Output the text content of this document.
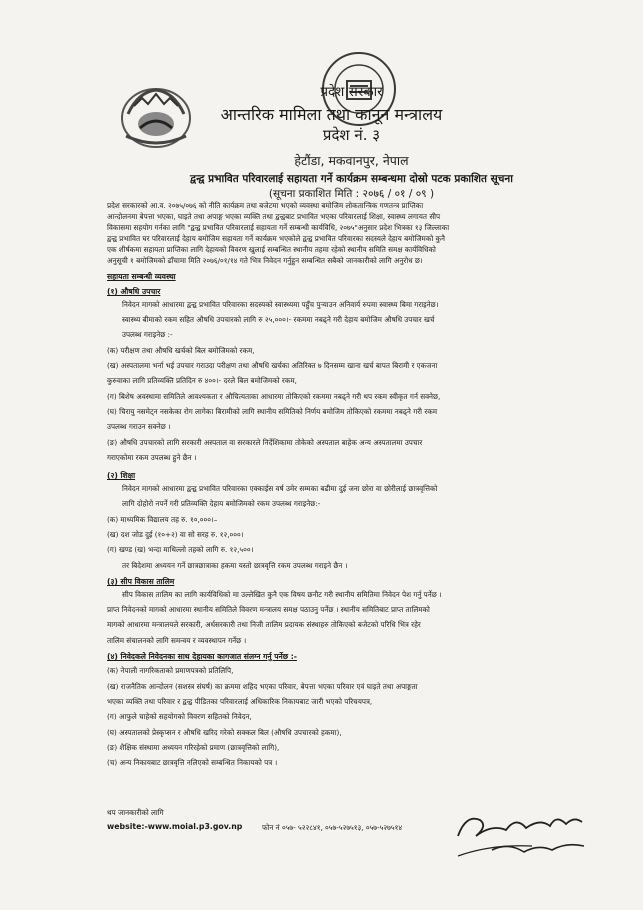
प्रदेश सरकार
आन्तरिक मामिला तथा कानून मन्त्रालय
प्रदेश नं. ३
हेटौंडा, मकवानपुर, नेपाल
द्वन्द्व प्रभावित परिवारलाई सहायता गर्ने कार्यक्रम सम्बन्धमा दोस्रो पटक प्रकाशित सूचना
(सूचना प्रकाशित मिति : २०७६ / ०१ / ०९ )
प्रदेश सरकारको आ.व. २०७५/०७६ को नीति कार्यक्रम तथा बजेटमा भएको व्यवस्था बमोजिम लोकतान्त्रिक गणतन्त्र प्राप्तिका
आन्दोलनमा बेपत्ता भएका, घाइते तथा अपाङ्ग भएका व्यक्ति तथा द्वन्द्वबाट प्रभावित भएका परिवारलाई शिक्षा, स्वास्थ्य लगायत सीप
विकासमा सहयोग गर्नका लागि "द्वन्द्व प्रभावित परिवारलाई सहायता गर्ने सम्बन्धी कार्यविधि, २०७५"अनुसार प्रदेश भित्रका १३ जिल्लाका
द्वन्द्व प्रभावित घर परिवारलाई देहाय बमोजिम सहायता गर्ने कार्यक्रम भएकोले द्वन्द्व प्रभावित परिवारका सदस्यले देहाय बमोजिमको कुनै
एक शीर्षकमा सहायता प्राप्तिका लागि देहायको विवरण खुलाई सम्बन्धित स्थानीय तहमा रहेको स्थानीय समिति समक्ष कार्यविधिको
अनुसूची १ बमोजिमको ढाँचामा मिति २०७६/०१/१४ गते भित्र निवेदन गर्नुहुन सम्बन्धित सबैको जानकारीको लागि अनुरोध छ।
सहायता सम्बन्धी व्यवस्था
(१) औषधि उपचार
निवेदन मागको आधारमा द्वन्द्व प्रभावित परिवारका सदस्यको स्वास्थ्यमा पहुँच पुऱ्याउन अनिवार्य रुपमा स्वास्थ्य बिमा गराइनेछ।
स्वास्थ्य बीमाको रकम सहित औषधि उपचारको लागि रु २५,०००।- रकममा नबढ्ने गरी देहाय बमोजिम औषधि उपचार खर्च
उपलब्ध गराइनेछ :-
(क) परीक्षण तथा औषधि खर्चको बिल बमोजिमको रकम,
(ख) अस्पतालमा भर्ना भई उपचार गराउदा परीक्षण तथा औषधि खर्चका अतिरिक्त ७ दिनसम्म खाना खर्च बापत बिरामी र एकजना
कुरुवाका लागि प्रतिव्यक्ति प्रतिदिन रु ४००।- दरले बिल बमोजिमको रकम,
(ग) बिशेष अवस्थामा समितिले आवश्यकता र औचित्यताका आधारमा तोकिएको रकममा नबढ्ने गरी थप रकम स्वीकृत गर्न सक्नेछ,
(घ) चिरायु नसमेट्न नसकेका रोग लागेका बिरामीको लागि स्थानीय समितिको निर्णय बमोजिम तोकिएको रकममा नबढ्ने गरी रकम
उपलब्ध गराउन सक्नेछ ।
(ङ) औषधि उपचारको लागि सरकारी अस्पताल वा सरकारले निर्देशिकामा तोकेको अस्पताल बाहेक अन्य अस्पतालमा उपचार
गराएकोमा रकम उपलब्ध हुने छैन ।
(२) शिक्षा
निवेदन मागको आधारमा द्वन्द्व प्रभावित परिवारका एक्काईस वर्ष उमेर सम्मका बढीमा दुई जना छोरा वा छोरीलाई छात्रवृत्तिको
लागि दोहोरो नपर्ने गरी प्रतिव्यक्ति देहाय बमोजिमको रकम उपलब्ध गराइनेछ:-
(क) माध्यमिक विद्यालय तह रु. १०,०००।–
(ख) दश जोड दुई (१०+२) वा सो सरह रु. १२,०००।
(ग) खण्ड (ख) भन्दा माथिल्लो तहको लागि रु. १२,५००।
तर बिदेशमा अध्ययन गर्ने छात्रछात्राका हकमा यस्तो छात्रवृत्ति रकम उपलब्ध गराइने छैन ।
(३) सीप विकास तालिम
सीप विकास तालिम का लागि कार्यविधिको मा उल्लेखित कुनै एक विषय छनौट गरी स्थानीय समितिमा निवेदन पेश गर्नु पर्नेछ ।
प्राप्त निवेदनको मागको आधारमा स्थानीय समितिले विवरण मन्त्रालय समक्ष पठाउनु पर्नेछ । स्थानीय समितिबाट प्राप्त तालिमको
मागको आधारमा मन्त्रालयले सरकारी, अर्धसरकारी तथा निजी तालिम प्रदायक संस्थाहरु तोकिएको बजेटको परिधि भित्र रहेर
तालिम संचालनको लागि समन्वय र व्यवस्थापन गर्नेछ ।
(४) निवेदकले निवेदनका साथ देहायका कागजात संलग्न गर्नु पर्नेछ :-
(क) नेपाली नागरिकताको प्रमाणपत्रको प्रतिलिपि,
(ख) राजनैतिक आन्दोलन (सशस्त्र संघर्ष) का क्रममा शहिद भएका परिवार, बेपत्ता भएका परिवार एवं घाइते तथा अपाङ्गता
भएका व्यक्ति तथा परिवार र द्वन्द्व पीडितका परिवारलाई अधिकारिक निकायबाट जारी भएको परिचयपत्र,
(ग) आफुले चाहेको सहयोगको विवरण सहितको निवेदन,
(घ) अस्पतालको प्रेस्कृप्सन र औषधि खरिद गरेको सक्कल बिल (औषधि उपचारको हकमा),
(ङ) शैक्षिक संस्थामा अध्ययन गरिरहेको प्रमाण (छात्रवृत्तिको लागि),
(च) अन्य निकायबाट छात्रवृत्ति नलिएको सम्बन्धित निकायको पत्र ।
थप जानकारीको लागि
website:-www.moial.p3.gov.np	फोन नं ०५७- ५२२८४१, ०५७-५२७५१३, ०५७-५२७५१४
